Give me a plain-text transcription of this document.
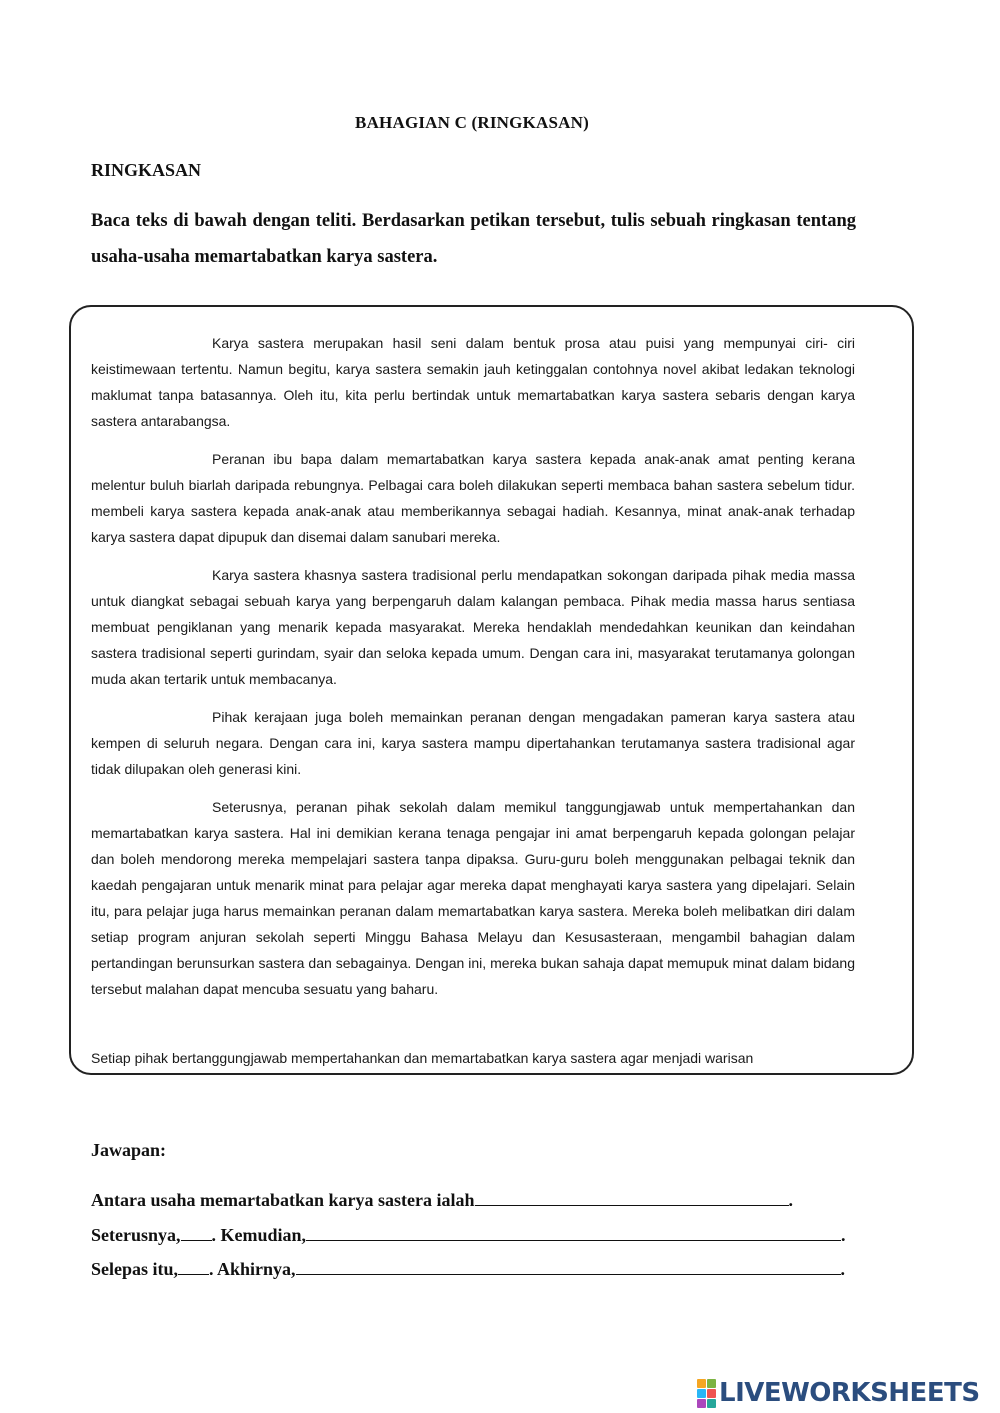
BAHAGIAN C (RINGKASAN)
RINGKASAN
Baca teks di bawah dengan teliti. Berdasarkan petikan tersebut, tulis sebuah ringkasan tentang usaha-usaha memartabatkan karya sastera.

Karya sastera merupakan hasil seni dalam bentuk prosa atau puisi yang mempunyai ciri- ciri keistimewaan tertentu. Namun begitu, karya sastera semakin jauh ketinggalan contohnya novel akibat ledakan teknologi maklumat tanpa batasannya. Oleh itu, kita perlu bertindak untuk memartabatkan karya sastera sebaris dengan karya sastera antarabangsa.

Peranan ibu bapa dalam memartabatkan karya sastera kepada anak-anak amat penting kerana melentur buluh biarlah daripada rebungnya. Pelbagai cara boleh dilakukan seperti membaca bahan sastera sebelum tidur. membeli karya sastera kepada anak-anak atau memberikannya sebagai hadiah. Kesannya, minat anak-anak terhadap karya sastera dapat dipupuk dan disemai dalam sanubari mereka.

Karya sastera khasnya sastera tradisional perlu mendapatkan sokongan daripada pihak media massa untuk diangkat sebagai sebuah karya yang berpengaruh dalam kalangan pembaca. Pihak media massa harus sentiasa membuat pengiklanan yang menarik kepada masyarakat. Mereka hendaklah mendedahkan keunikan dan keindahan sastera tradisional seperti gurindam, syair dan seloka kepada umum. Dengan cara ini, masyarakat terutamanya golongan muda akan tertarik untuk membacanya.

Pihak kerajaan juga boleh memainkan peranan dengan mengadakan pameran karya sastera atau kempen di seluruh negara. Dengan cara ini, karya sastera mampu dipertahankan terutamanya sastera tradisional agar tidak dilupakan oleh generasi kini.

Seterusnya, peranan pihak sekolah dalam memikul tanggungjawab untuk mempertahankan dan memartabatkan karya sastera. Hal ini demikian kerana tenaga pengajar ini amat berpengaruh kepada golongan pelajar dan boleh mendorong mereka mempelajari sastera tanpa dipaksa. Guru-guru boleh menggunakan pelbagai teknik dan kaedah pengajaran untuk menarik minat para pelajar agar mereka dapat menghayati karya sastera yang dipelajari. Selain itu, para pelajar juga harus memainkan peranan dalam memartabatkan karya sastera. Mereka boleh melibatkan diri dalam setiap program anjuran sekolah seperti Minggu Bahasa Melayu dan Kesusasteraan, mengambil bahagian dalam pertandingan berunsurkan sastera dan sebagainya. Dengan ini, mereka bukan sahaja dapat memupuk minat dalam bidang tersebut malahan dapat mencuba sesuatu yang baharu.

Setiap pihak bertanggungjawab mempertahankan dan memartabatkan karya sastera agar menjadi warisan
Jawapan:
Antara usaha memartabatkan karya sastera ialah	.
Seterusnya, . Kemudian,	.
Selepas itu, . Akhirnya,	.
LIVEWORKSHEETS
